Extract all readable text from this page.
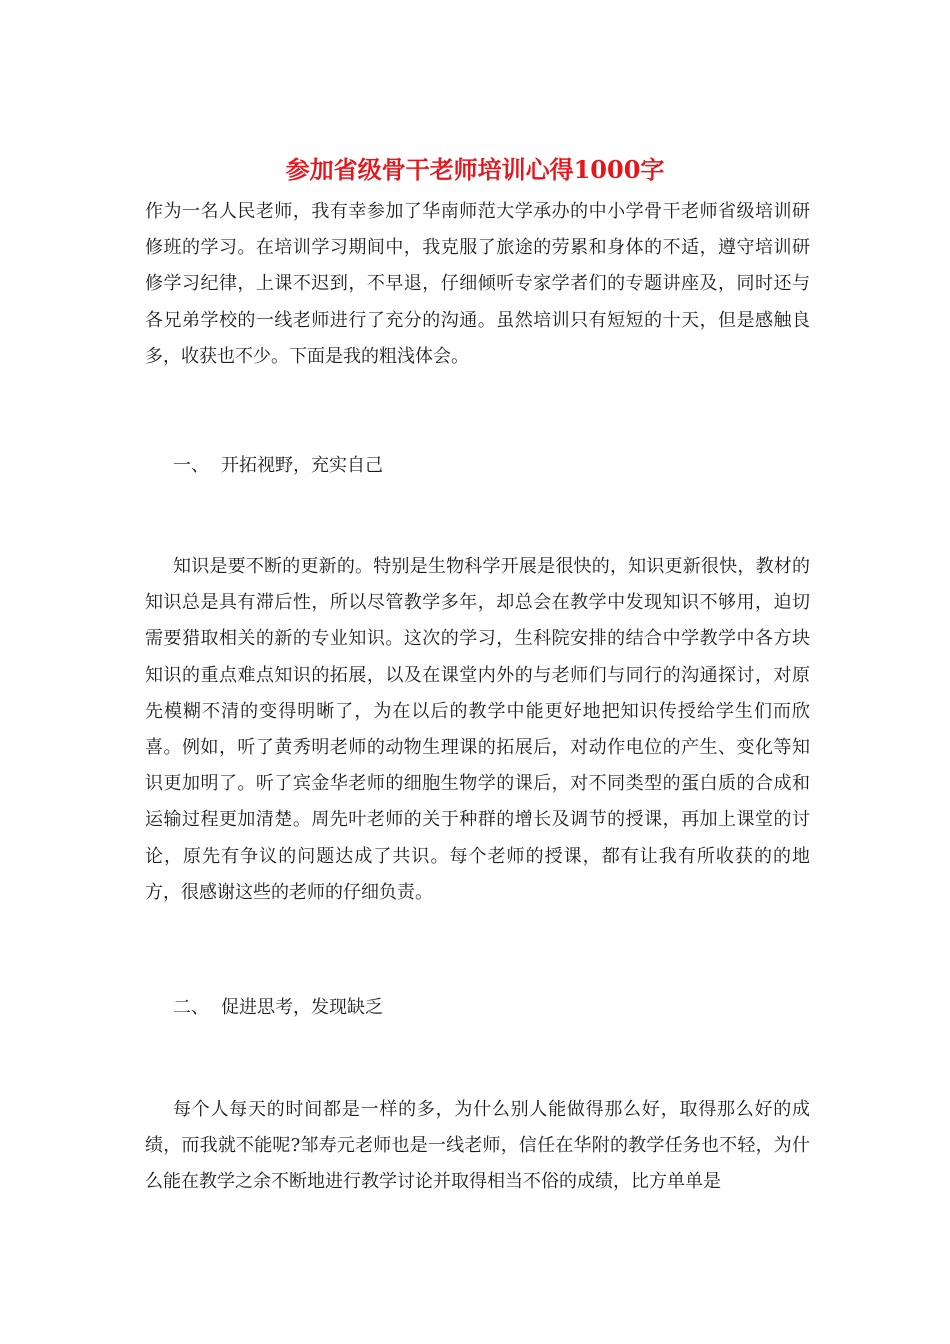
参加省级骨干老师培训心得1000字

作为一名人民老师，我有幸参加了华南师范大学承办的中小学骨干老师省级培训研修班的学习。在培训学习期间中，我克服了旅途的劳累和身体的不适，遵守培训研修学习纪律，上课不迟到，不早退，仔细倾听专家学者们的专题讲座及，同时还与各兄弟学校的一线老师进行了充分的沟通。虽然培训只有短短的十天，但是感触良多，收获也不少。下面是我的粗浅体会。

一、 开拓视野，充实自己

知识是要不断的更新的。特别是生物科学开展是很快的，知识更新很快，教材的知识总是具有滞后性，所以尽管教学多年，却总会在教学中发现知识不够用，迫切需要猎取相关的新的专业知识。这次的学习，生科院安排的结合中学教学中各方块知识的重点难点知识的拓展，以及在课堂内外的与老师们与同行的沟通探讨，对原先模糊不清的变得明晰了，为在以后的教学中能更好地把知识传授给学生们而欣喜。例如，听了黄秀明老师的动物生理课的拓展后，对动作电位的产生、变化等知识更加明了。听了宾金华老师的细胞生物学的课后，对不同类型的蛋白质的合成和运输过程更加清楚。周先叶老师的关于种群的增长及调节的授课，再加上课堂的讨论，原先有争议的问题达成了共识。每个老师的授课，都有让我有所收获的的地方，很感谢这些的老师的仔细负责。

二、 促进思考，发现缺乏

每个人每天的时间都是一样的多，为什么别人能做得那么好，取得那么好的成绩，而我就不能呢?邹寿元老师也是一线老师，信任在华附的教学任务也不轻，为什么能在教学之余不断地进行教学讨论并取得相当不俗的成绩，比方单单是
